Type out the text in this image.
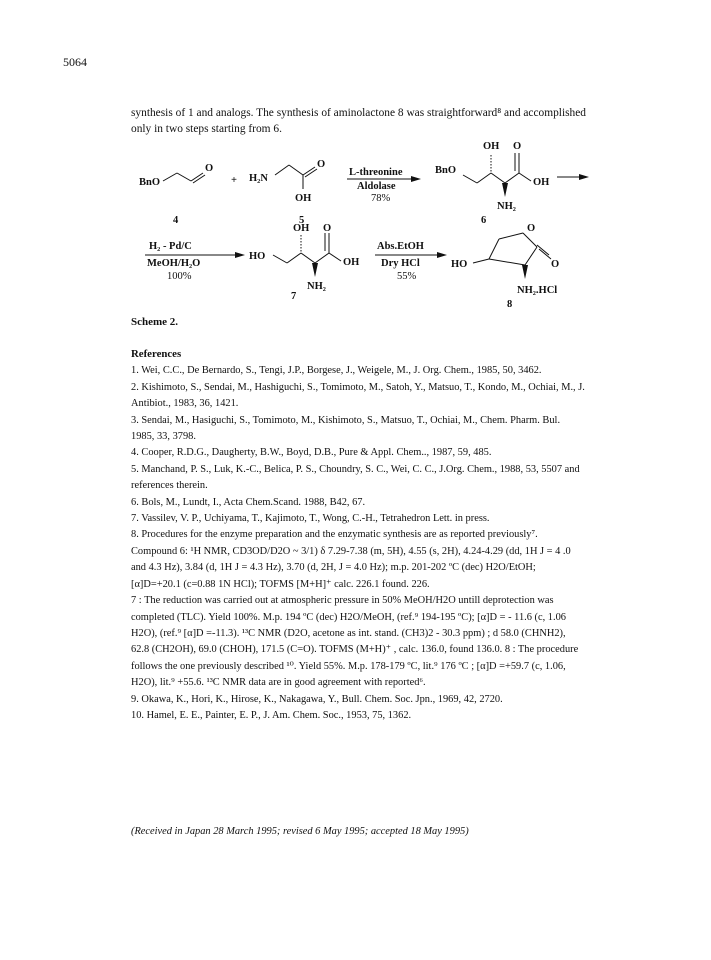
5064
synthesis of 1 and analogs. The synthesis of aminolactone 8 was straightforward⁸ and accomplished only in two steps starting from 6.
BnO
O
4
+ H₂N
O
OH
5
L-threonine
Aldolase
78%
BnO
OH O
OH
NH₂
6
H₂ - Pd/C
MeOH/H₂O
100%
HO
OH O
OH
NH₂
7
Abs.EtOH
Dry HCl
55%
HO
O
O
NH₂.HCl
8
Scheme 2.
References

1. Wei, C.C., De Bernardo, S., Tengi, J.P., Borgese, J., Weigele, M., J. Org. Chem., 1985, 50, 3462.

2. Kishimoto, S., Sendai, M., Hashiguchi, S., Tomimoto, M., Satoh, Y., Matsuo, T., Kondo, M., Ochiai, M., J. Antibiot., 1983, 36, 1421.

3. Sendai, M., Hasiguchi, S., Tomimoto, M., Kishimoto, S., Matsuo, T., Ochiai, M., Chem. Pharm. Bul. 1985, 33, 3798.

4. Cooper, R.D.G., Daugherty, B.W., Boyd, D.B., Pure & Appl. Chem.., 1987, 59, 485.

5. Manchand, P. S., Luk, K.-C., Belica, P. S., Choundry, S. C., Wei, C. C., J.Org. Chem., 1988, 53, 5507 and references therein.

6. Bols, M., Lundt, I., Acta Chem.Scand. 1988, B42, 67.

7. Vassilev, V. P., Uchiyama, T., Kajimoto, T., Wong, C.-H., Tetrahedron Lett. in press.

8. Procedures for the enzyme preparation and the enzymatic synthesis are as reported previously⁷. Compound 6: ¹H NMR, CD3OD/D2O ~ 3/1) δ 7.29-7.38 (m, 5H), 4.55 (s, 2H), 4.24-4.29 (dd, 1H J = 4 .0 and 4.3 Hz), 3.84 (d, 1H J = 4.3 Hz), 3.70 (d, 2H, J = 4.0 Hz); m.p. 201-202 ºC (dec) H2O/EtOH; [α]D=+20.1 (c=0.88 1N HCl); TOFMS [M+H]⁺ calc. 226.1 found. 226.

7 : The reduction was carried out at atmospheric pressure in 50% MeOH/H2O untill deprotection was completed (TLC). Yield 100%. M.p. 194 ºC (dec) H2O/MeOH, (ref.⁹ 194-195 ºC); [α]D = - 11.6 (c, 1.06 H2O), (ref.⁹ [α]D =-11.3). ¹³C NMR (D2O, acetone as int. stand. (CH3)2 - 30.3 ppm) ; d 58.0 (CHNH2), 62.8 (CH2OH), 69.0 (CHOH), 171.5 (C=O). TOFMS (M+H)⁺ , calc. 136.0, found 136.0. 8 : The procedure follows the one previously described ¹⁰. Yield 55%. M.p. 178-179 ºC, lit.⁹ 176 ºC ; [α]D =+59.7 (c, 1.06, H2O), lit.⁹ +55.6. ¹³C NMR data are in good agreement with reported⁶.

9. Okawa, K., Hori, K., Hirose, K., Nakagawa, Y., Bull. Chem. Soc. Jpn., 1969, 42, 2720.

10. Hamel, E. E., Painter, E. P., J. Am. Chem. Soc., 1953, 75, 1362.

(Received in Japan 28 March 1995; revised 6 May 1995; accepted 18 May 1995)
